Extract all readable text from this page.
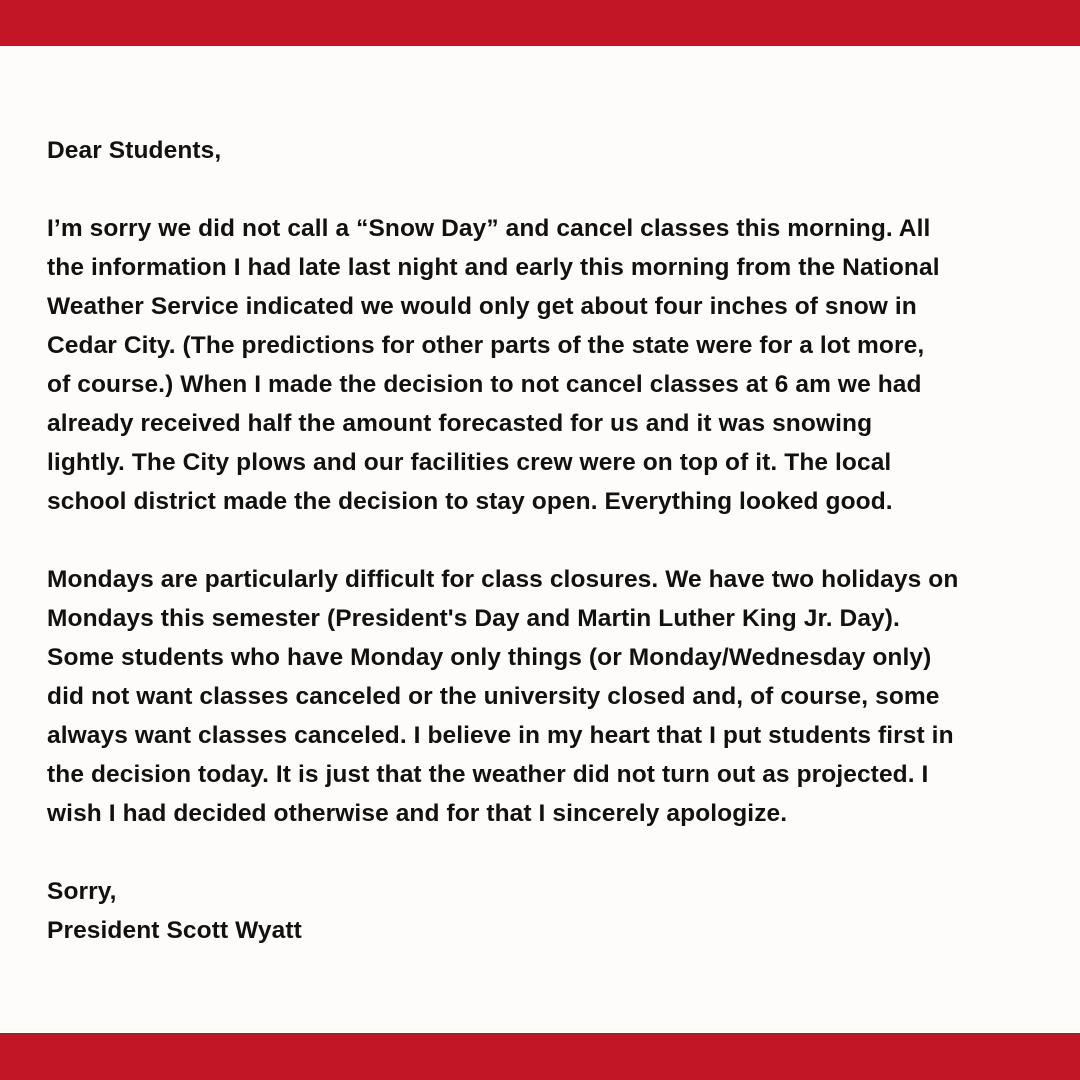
Dear Students,

I’m sorry we did not call a “Snow Day” and cancel classes this morning. All
the information I had late last night and early this morning from the National
Weather Service indicated we would only get about four inches of snow in
Cedar City. (The predictions for other parts of the state were for a lot more,
of course.) When I made the decision to not cancel classes at 6 am we had
already received half the amount forecasted for us and it was snowing
lightly. The City plows and our facilities crew were on top of it. The local
school district made the decision to stay open. Everything looked good.

Mondays are particularly difficult for class closures. We have two holidays on
Mondays this semester (President's Day and Martin Luther King Jr. Day).
Some students who have Monday only things (or Monday/Wednesday only)
did not want classes canceled or the university closed and, of course, some
always want classes canceled. I believe in my heart that I put students first in
the decision today. It is just that the weather did not turn out as projected. I
wish I had decided otherwise and for that I sincerely apologize.

Sorry,

President Scott Wyatt
